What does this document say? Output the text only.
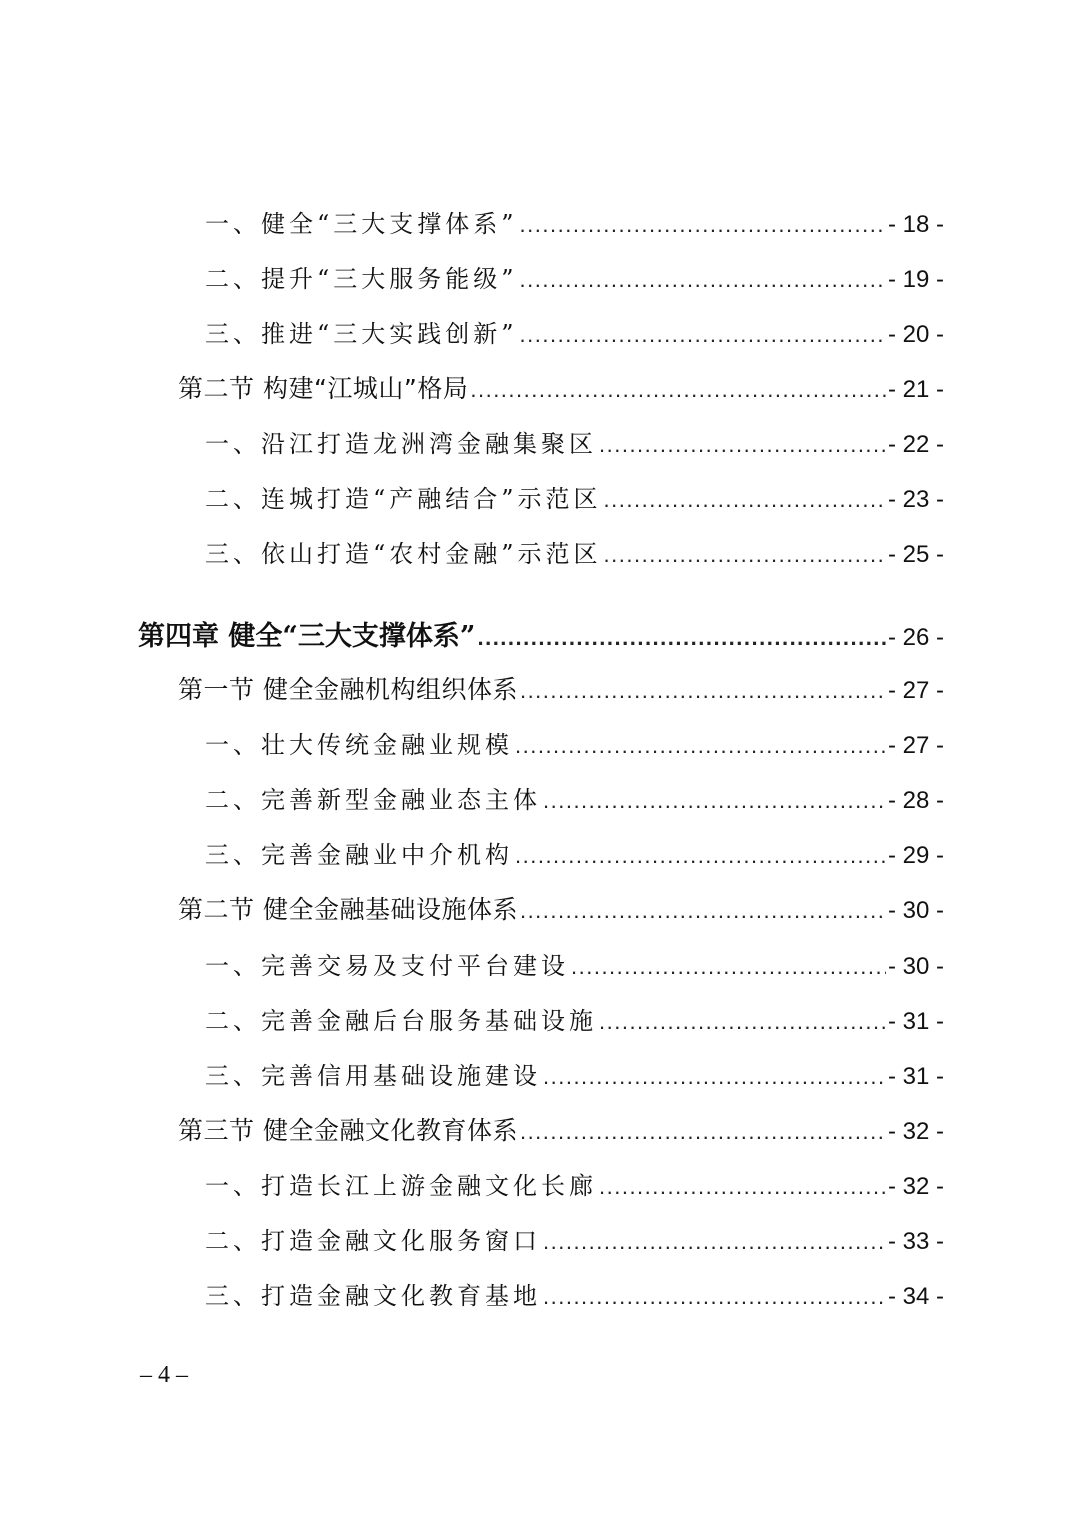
一、健全“三大支撑体系” .....	- 18 -
二、提升“三大服务能级” .....	- 19 -
三、推进“三大实践创新” .....	- 20 -
第二节 构建“江城山”格局 .....	- 21 -
一、沿江打造龙洲湾金融集聚区 .....	- 22 -
二、连城打造“产融结合”示范区 .....	- 23 -
三、依山打造“农村金融”示范区 .....	- 25 -
第四章 健全“三大支撑体系” .....	- 26 -
第一节 健全金融机构组织体系 .....	- 27 -
一、壮大传统金融业规模 .....	- 27 -
二、完善新型金融业态主体 .....	- 28 -
三、完善金融业中介机构 .....	- 29 -
第二节 健全金融基础设施体系 .....	- 30 -
一、完善交易及支付平台建设 .....	- 30 -
二、完善金融后台服务基础设施 .....	- 31 -
三、完善信用基础设施建设 .....	- 31 -
第三节 健全金融文化教育体系 .....	- 32 -
一、打造长江上游金融文化长廊 .....	- 32 -
二、打造金融文化服务窗口 .....	- 33 -
三、打造金融文化教育基地 .....	- 34 -
– 4 –
